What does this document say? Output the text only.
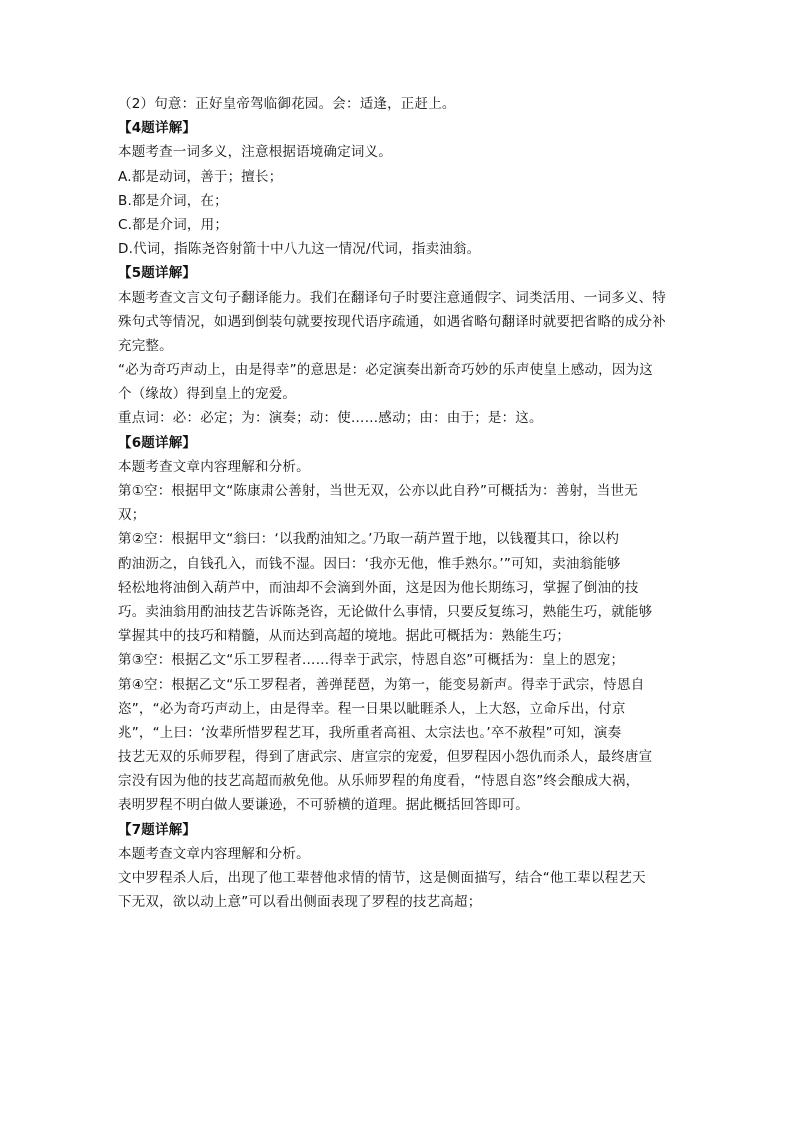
（2）句意：正好皇帝驾临御花园。会：适逢，正赶上。
【4题详解】
本题考查一词多义，注意根据语境确定词义。
A.都是动词，善于；擅长；
B.都是介词，在；
C.都是介词，用；
D.代词，指陈尧咨射箭十中八九这一情况/代词，指卖油翁。
【5题详解】
本题考查文言文句子翻译能力。我们在翻译句子时要注意通假字、词类活用、一词多义、特
殊句式等情况，如遇到倒装句就要按现代语序疏通，如遇省略句翻译时就要把省略的成分补
充完整。
“必为奇巧声动上，由是得幸”的意思是：必定演奏出新奇巧妙的乐声使皇上感动，因为这
个（缘故）得到皇上的宠爱。
重点词：必：必定；为：演奏；动：使……感动；由：由于；是：这。
【6题详解】
本题考查文章内容理解和分析。
第①空：根据甲文“陈康肃公善射，当世无双，公亦以此自矜”可概括为：善射，当世无
双；
第②空：根据甲文“翁曰：‘以我酌油知之。’乃取一葫芦置于地，以钱覆其口，徐以杓
酌油沥之，自钱孔入，而钱不湿。因曰：‘我亦无他，惟手熟尔。’”可知，卖油翁能够
轻松地将油倒入葫芦中，而油却不会滴到外面，这是因为他长期练习，掌握了倒油的技
巧。卖油翁用酌油技艺告诉陈尧咨，无论做什么事情，只要反复练习，熟能生巧，就能够
掌握其中的技巧和精髓，从而达到高超的境地。据此可概括为：熟能生巧；
第③空：根据乙文“乐工罗程者……得幸于武宗，恃恩自恣”可概括为：皇上的恩宠；
第④空：根据乙文“乐工罗程者，善弹琵琶，为第一，能变易新声。得幸于武宗，恃恩自
恣”，“必为奇巧声动上，由是得幸。程一日果以眦睚杀人，上大怒，立命斥出，付京
兆”，“上曰：‘汝辈所惜罗程艺耳，我所重者高祖、太宗法也。’卒不赦程”可知，演奏
技艺无双的乐师罗程，得到了唐武宗、唐宣宗的宠爱，但罗程因小怨仇而杀人，最终唐宣
宗没有因为他的技艺高超而赦免他。从乐师罗程的角度看，“恃恩自恣”终会酿成大祸，
表明罗程不明白做人要谦逊，不可骄横的道理。据此概括回答即可。
【7题详解】
本题考查文章内容理解和分析。
文中罗程杀人后，出现了他工辈替他求情的情节，这是侧面描写，结合“他工辈以程艺天
下无双，欲以动上意”可以看出侧面表现了罗程的技艺高超；
